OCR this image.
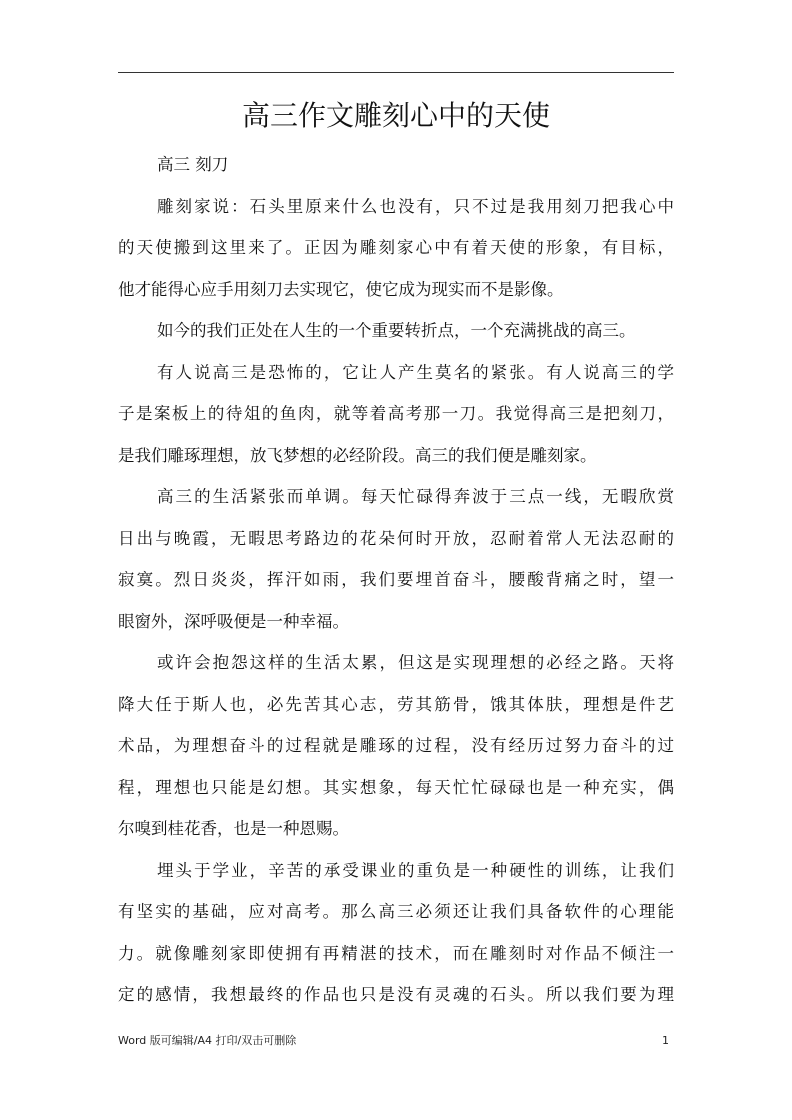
高三作文雕刻心中的天使
高三 刻刀
雕刻家说：石头里原来什么也没有，只不过是我用刻刀把我心中
的天使搬到这里来了。正因为雕刻家心中有着天使的形象，有目标，
他才能得心应手用刻刀去实现它，使它成为现实而不是影像。
如今的我们正处在人生的一个重要转折点，一个充满挑战的高三。
有人说高三是恐怖的，它让人产生莫名的紧张。有人说高三的学
子是案板上的待俎的鱼肉，就等着高考那一刀。我觉得高三是把刻刀，
是我们雕琢理想，放飞梦想的必经阶段。高三的我们便是雕刻家。
高三的生活紧张而单调。每天忙碌得奔波于三点一线，无暇欣赏
日出与晚霞，无暇思考路边的花朵何时开放，忍耐着常人无法忍耐的
寂寞。烈日炎炎，挥汗如雨，我们要埋首奋斗，腰酸背痛之时，望一
眼窗外，深呼吸便是一种幸福。
或许会抱怨这样的生活太累，但这是实现理想的必经之路。天将
降大任于斯人也，必先苦其心志，劳其筋骨，饿其体肤，理想是件艺
术品，为理想奋斗的过程就是雕琢的过程，没有经历过努力奋斗的过
程，理想也只能是幻想。其实想象，每天忙忙碌碌也是一种充实，偶
尔嗅到桂花香，也是一种恩赐。
埋头于学业，辛苦的承受课业的重负是一种硬性的训练，让我们
有坚实的基础，应对高考。那么高三必须还让我们具备软件的心理能
力。就像雕刻家即使拥有再精湛的技术，而在雕刻时对作品不倾注一
定的感情，我想最终的作品也只是没有灵魂的石头。所以我们要为理
Word 版可编辑/A4 打印/双击可删除	1
